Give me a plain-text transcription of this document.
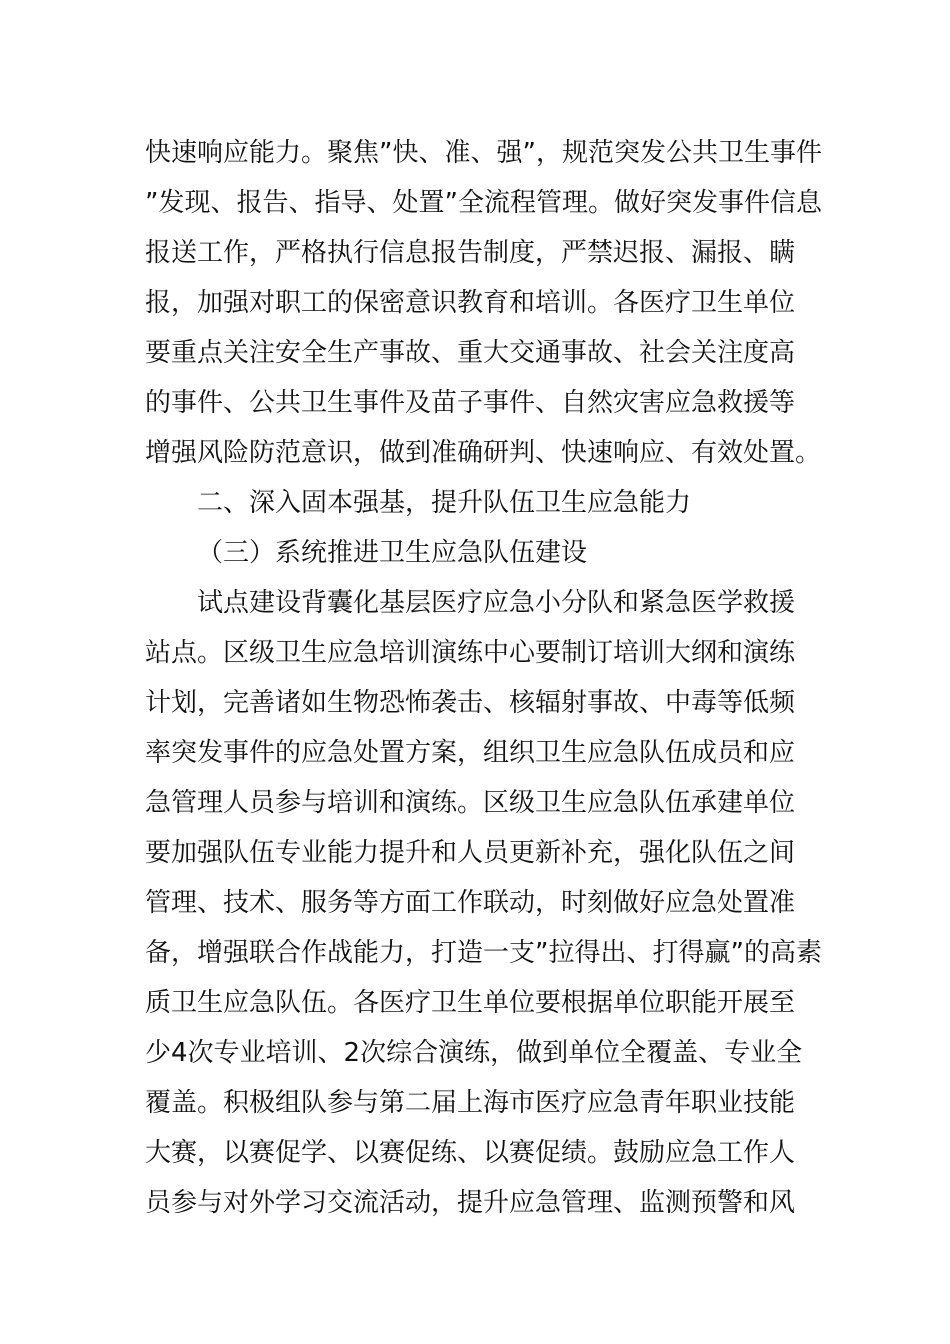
快速响应能力。聚焦”快、准、强”，规范突发公共卫生事件
”发现、报告、指导、处置”全流程管理。做好突发事件信息
报送工作，严格执行信息报告制度，严禁迟报、漏报、瞒
报，加强对职工的保密意识教育和培训。各医疗卫生单位
要重点关注安全生产事故、重大交通事故、社会关注度高
的事件、公共卫生事件及苗子事件、自然灾害应急救援等
增强风险防范意识，做到准确研判、快速响应、有效处置。
二、深入固本强基，提升队伍卫生应急能力
（三）系统推进卫生应急队伍建设
试点建设背囊化基层医疗应急小分队和紧急医学救援
站点。区级卫生应急培训演练中心要制订培训大纲和演练
计划，完善诸如生物恐怖袭击、核辐射事故、中毒等低频
率突发事件的应急处置方案，组织卫生应急队伍成员和应
急管理人员参与培训和演练。区级卫生应急队伍承建单位
要加强队伍专业能力提升和人员更新补充，强化队伍之间
管理、技术、服务等方面工作联动，时刻做好应急处置准
备，增强联合作战能力，打造一支”拉得出、打得赢”的高素
质卫生应急队伍。各医疗卫生单位要根据单位职能开展至
少4次专业培训、2次综合演练，做到单位全覆盖、专业全
覆盖。积极组队参与第二届上海市医疗应急青年职业技能
大赛，以赛促学、以赛促练、以赛促绩。鼓励应急工作人
员参与对外学习交流活动，提升应急管理、监测预警和风
